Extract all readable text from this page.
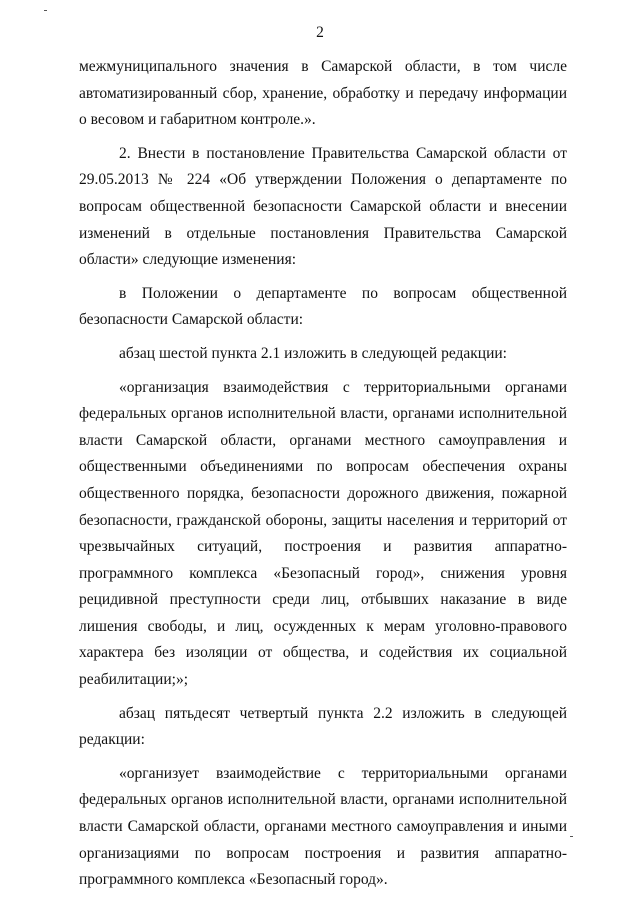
2

межмуниципального значения в Самарской области, в том числе автоматизированный сбор, хранение, обработку и передачу информации о весовом и габаритном контроле.».

2. Внести в постановление Правительства Самарской области от 29.05.2013 № 224 «Об утверждении Положения о департаменте по вопросам общественной безопасности Самарской области и внесении изменений в отдельные постановления Правительства Самарской области» следующие изменения:

в Положении о департаменте по вопросам общественной безопасности Самарской области:

абзац шестой пункта 2.1 изложить в следующей редакции:

«организация взаимодействия с территориальными органами федеральных органов исполнительной власти, органами исполнительной власти Самарской области, органами местного самоуправления и общественными объединениями по вопросам обеспечения охраны общественного порядка, безопасности дорожного движения, пожарной безопасности, гражданской обороны, защиты населения и территорий от чрезвычайных ситуаций, построения и развития аппаратно-программного комплекса «Безопасный город», снижения уровня рецидивной преступности среди лиц, отбывших наказание в виде лишения свободы, и лиц, осужденных к мерам уголовно-правового характера без изоляции от общества, и содействия их социальной реабилитации;»;

абзац пятьдесят четвертый пункта 2.2 изложить в следующей редакции:

«организует взаимодействие с территориальными органами федеральных органов исполнительной власти, органами исполнительной власти Самарской области, органами местного самоуправления и иными организациями по вопросам построения и развития аппаратно-программного комплекса «Безопасный город».
